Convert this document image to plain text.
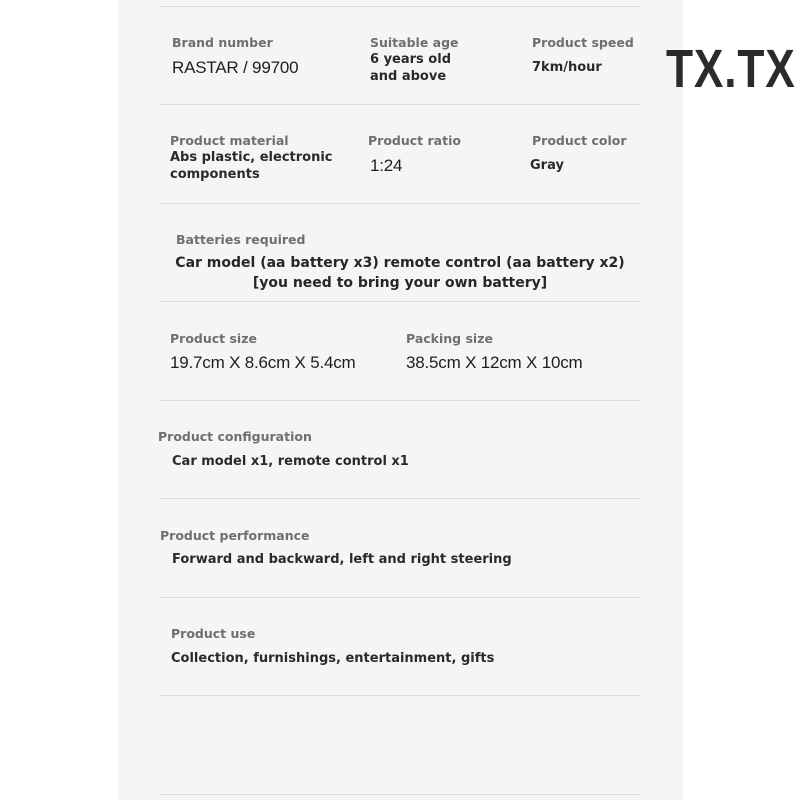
TX.TX
Brand number
RASTAR / 99700
Suitable age
6 years old
and above
Product speed
7km/hour
Product material
Abs plastic, electronic
components
Product ratio
1:24
Product color
Gray
Batteries required
Car model (aa battery x3) remote control (aa battery x2)
[you need to bring your own battery]
Product size
19.7cm X 8.6cm X 5.4cm
Packing size
38.5cm X 12cm X 10cm
Product configuration
Car model x1, remote control x1
Product performance
Forward and backward, left and right steering
Product use
Collection, furnishings, entertainment, gifts
